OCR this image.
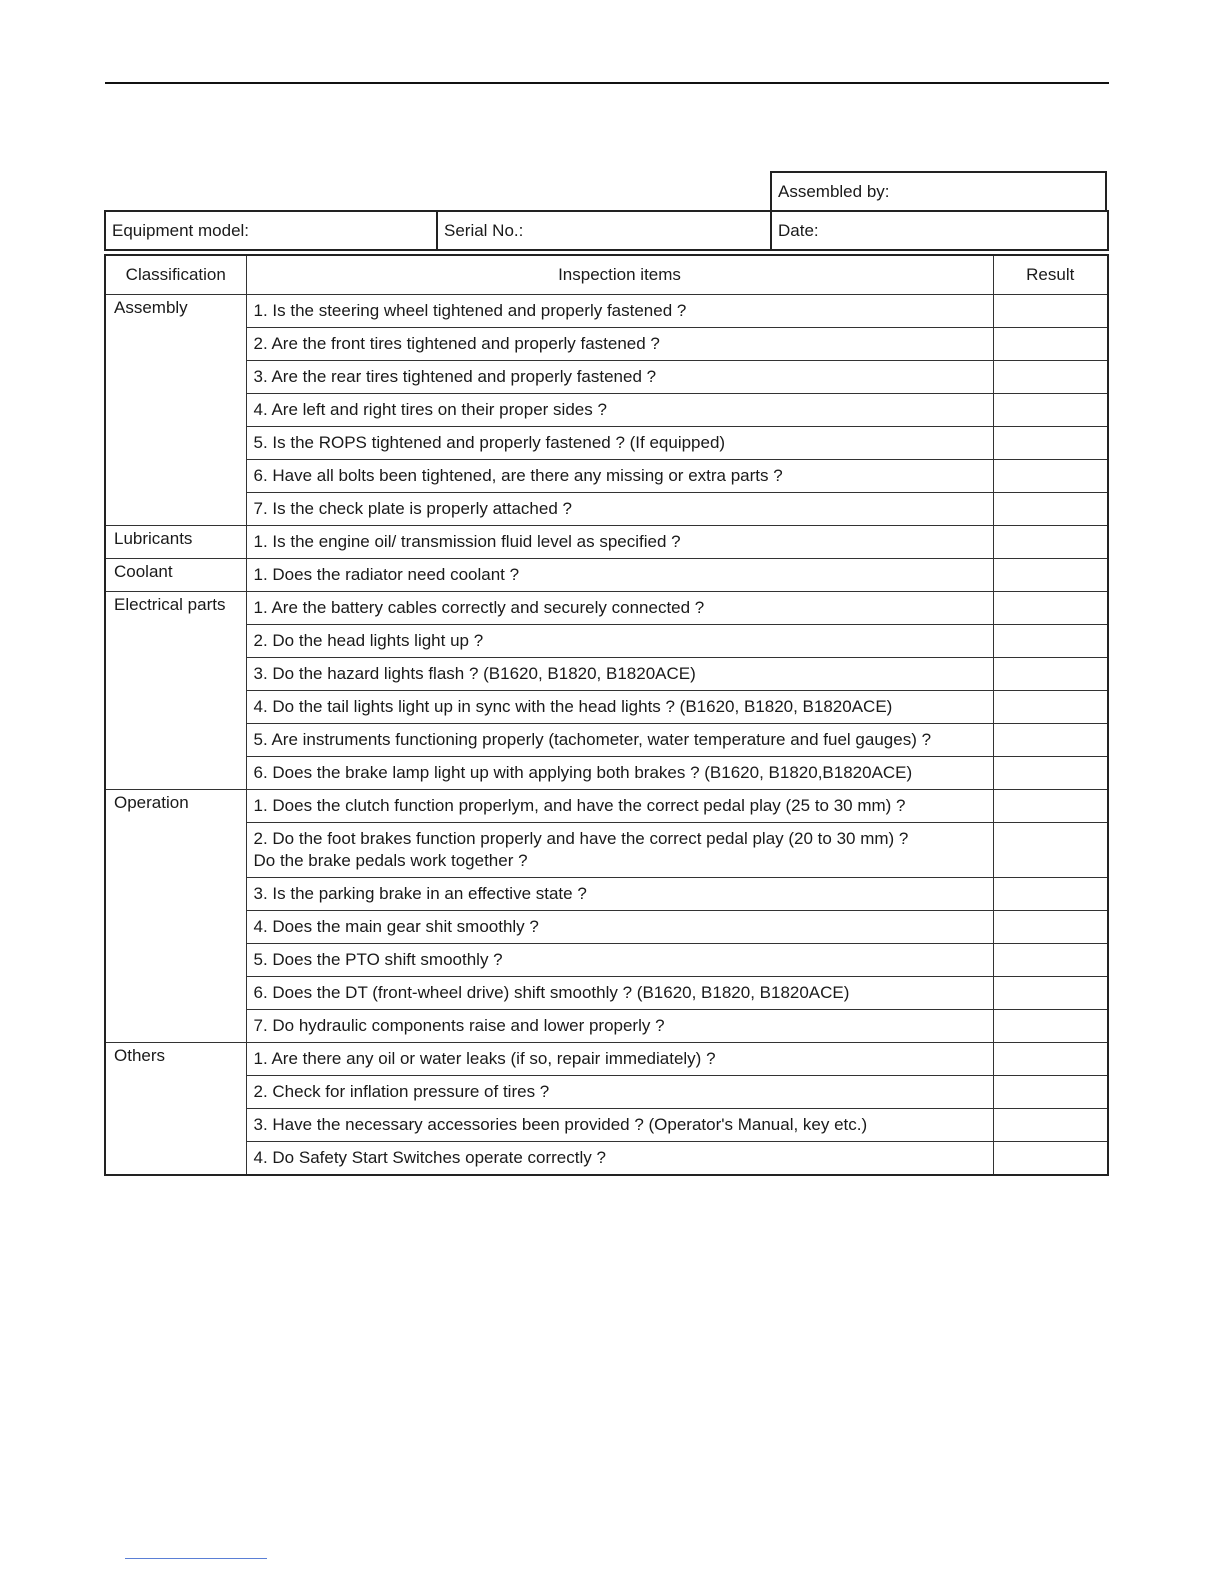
Assembled by:
Equipment model:	Serial No.:	Date:
Classification	Inspection items	Result
Assembly	1. Is the steering wheel tightened and properly fastened ?	
	2. Are the front tires tightened and properly fastened ?	
	3. Are the rear tires tightened and properly fastened ?	
	4. Are left and right tires on their proper sides ?	
	5. Is the ROPS tightened and properly fastened ? (If equipped)	
	6. Have all bolts been tightened, are there any missing or extra parts ?	
	7. Is the check plate is properly attached ?	
Lubricants	1. Is the engine oil/ transmission fluid level as specified ?	
Coolant	1. Does the radiator need coolant ?	
Electrical parts	1. Are the battery cables correctly and securely connected ?	
	2. Do the head lights light up ?	
	3. Do the hazard lights flash ? (B1620, B1820, B1820ACE)	
	4. Do the tail lights light up in sync with the head lights ? (B1620, B1820, B1820ACE)	
	5. Are instruments functioning properly (tachometer, water temperature and fuel gauges) ?	
	6. Does the brake lamp light up with applying both brakes ? (B1620, B1820,B1820ACE)	
Operation	1. Does the clutch function properlym, and have the correct pedal play (25 to 30 mm) ?	
	2. Do the foot brakes function properly and have the correct pedal play (20 to 30 mm) ?
Do the brake pedals work together ?	
	3. Is the parking brake in an effective state ?	
	4. Does the main gear shit smoothly ?	
	5. Does the PTO shift smoothly ?	
	6. Does the DT (front-wheel drive) shift smoothly ? (B1620, B1820, B1820ACE)	
	7. Do hydraulic components raise and lower properly ?	
Others	1. Are there any oil or water leaks (if so, repair immediately) ?	
	2. Check for inflation pressure of tires ?	
	3. Have the necessary accessories been provided ? (Operator's Manual, key etc.)	
	4. Do Safety Start Switches operate correctly ?	
